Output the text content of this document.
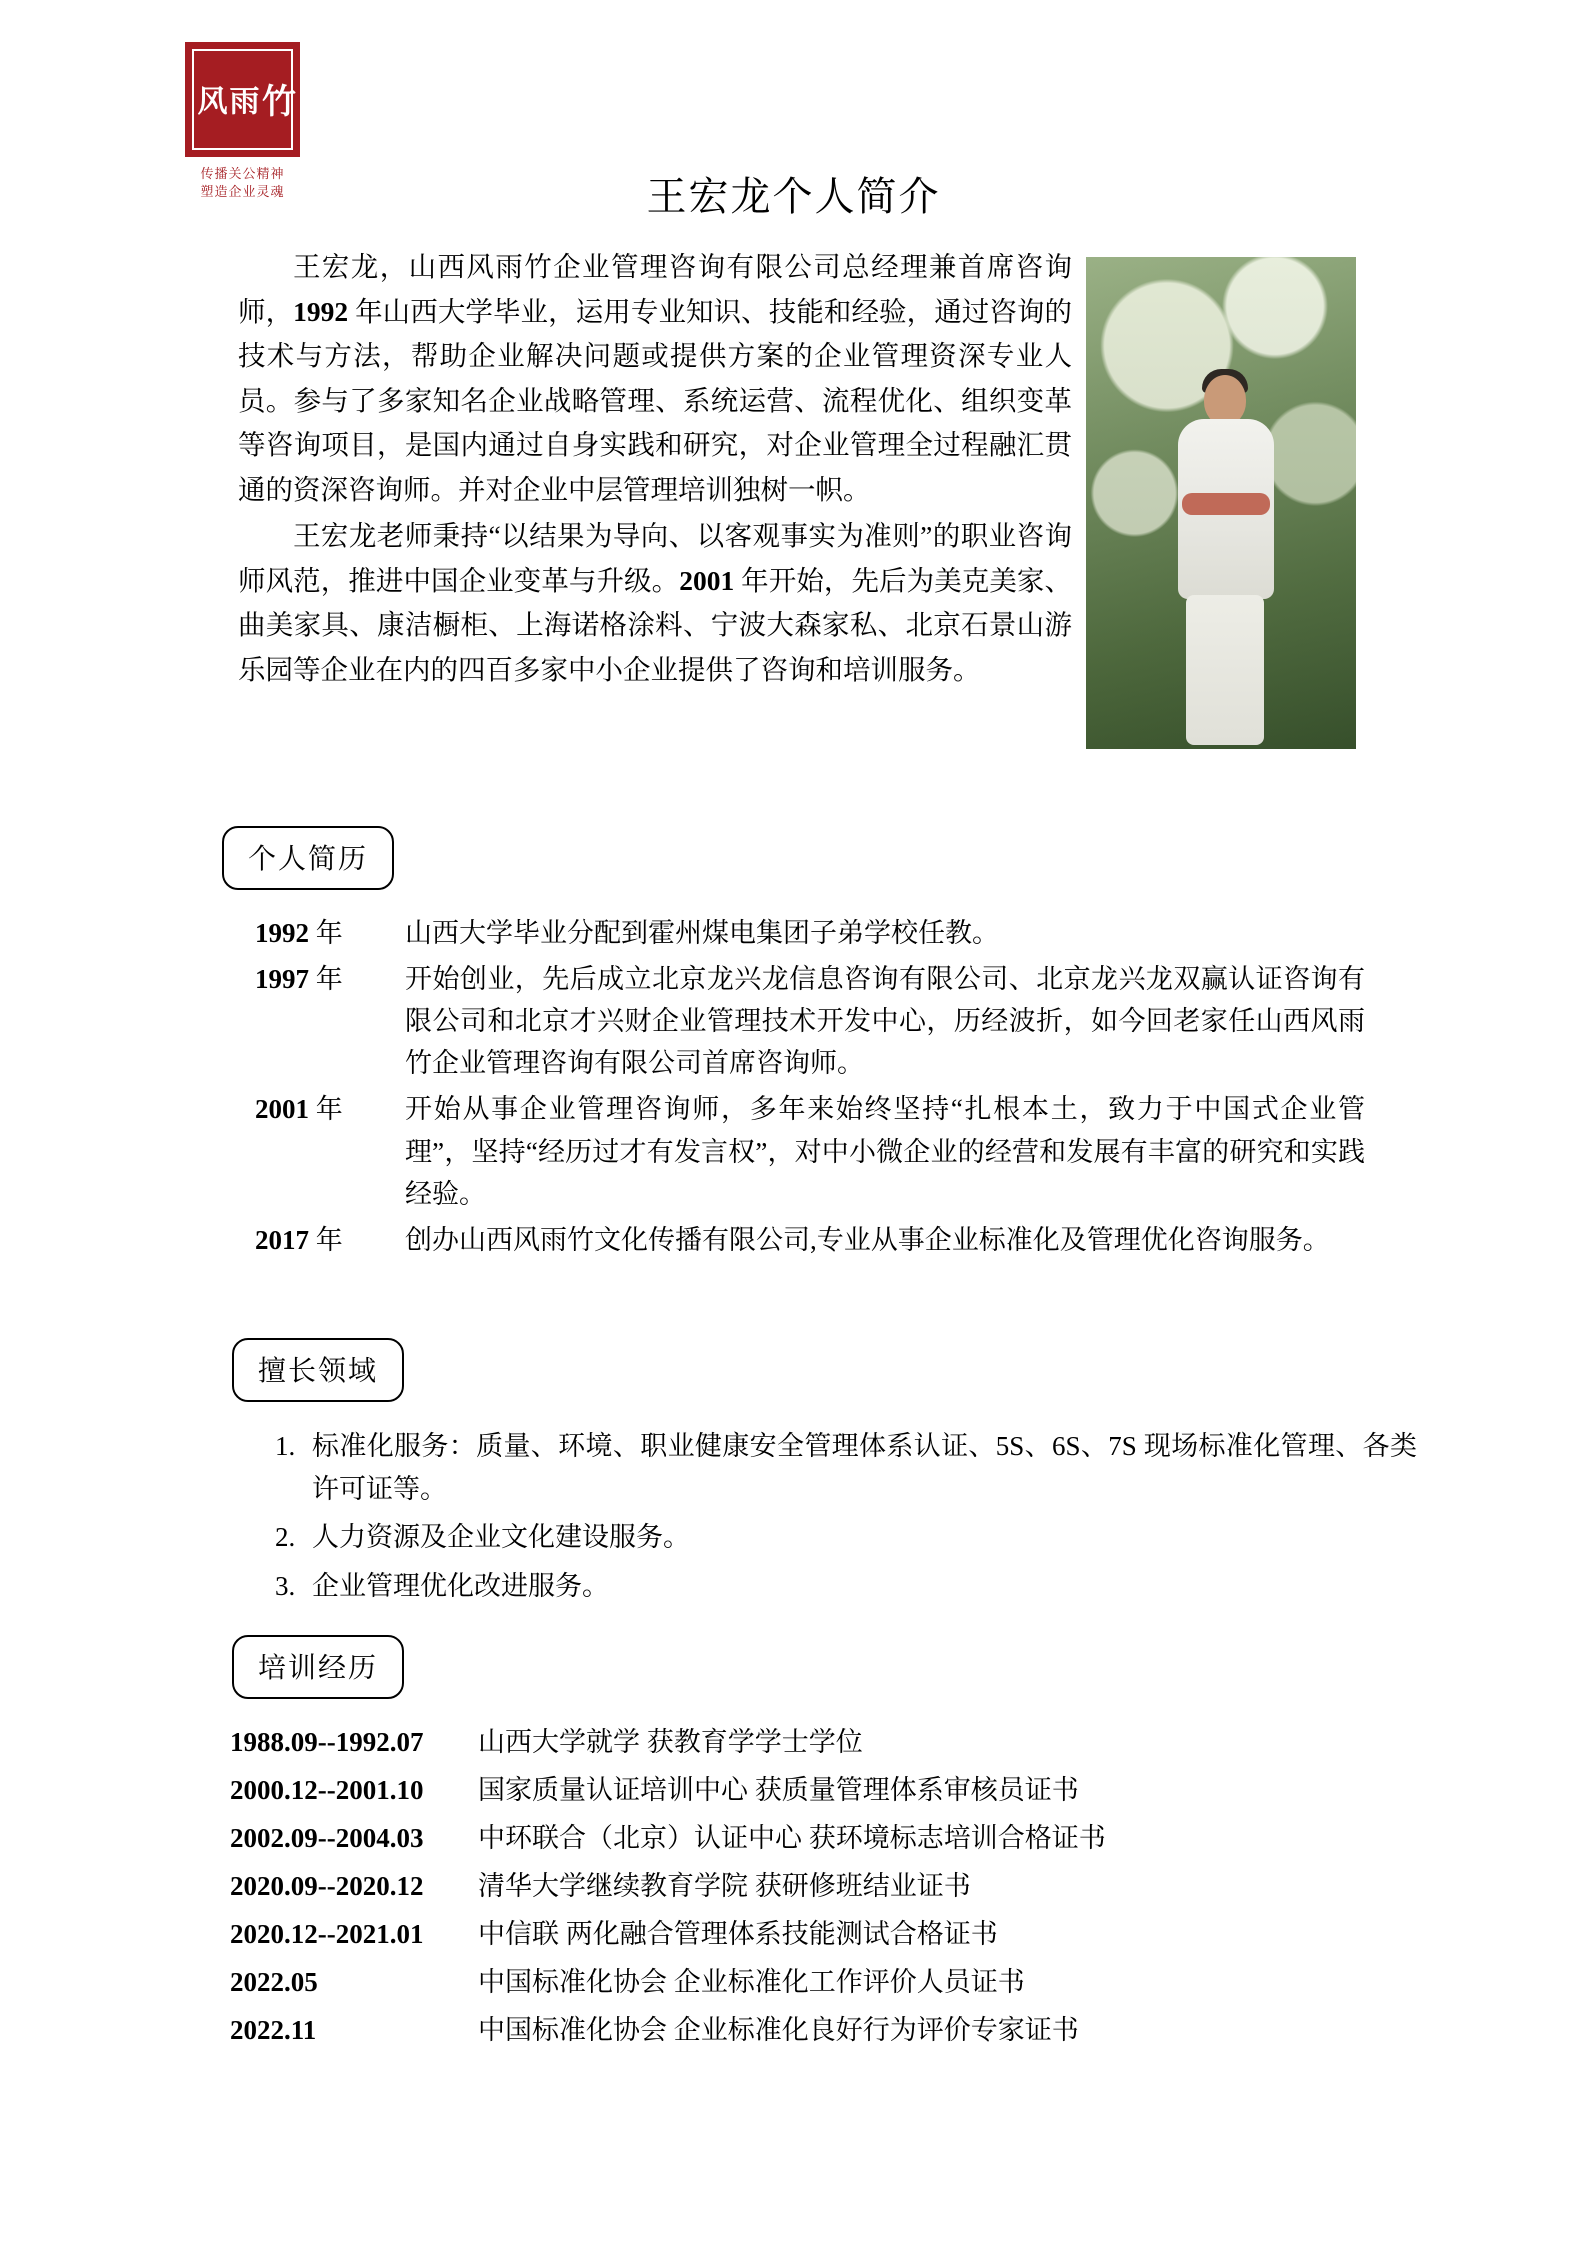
风 雨 竹
传播关公精神
塑造企业灵魂	王宏龙个人简介

王宏龙，山西风雨竹企业管理咨询有限公司总经理兼首席咨询师，1992 年山西大学毕业，运用专业知识、技能和经验，通过咨询的技术与方法，帮助企业解决问题或提供方案的企业管理资深专业人员。参与了多家知名企业战略管理、系统运营、流程优化、组织变革等咨询项目，是国内通过自身实践和研究，对企业管理全过程融汇贯通的资深咨询师。并对企业中层管理培训独树一帜。

王宏龙老师秉持“以结果为导向、以客观事实为准则”的职业咨询师风范，推进中国企业变革与升级。2001 年开始，先后为美克美家、曲美家具、康洁橱柜、上海诺格涂料、宁波大森家私、北京石景山游乐园等企业在内的四百多家中小企业提供了咨询和培训服务。

个人简历
1992 年	山西大学毕业分配到霍州煤电集团子弟学校任教。
1997 年	开始创业，先后成立北京龙兴龙信息咨询有限公司、北京龙兴龙双赢认证咨询有限公司和北京才兴财企业管理技术开发中心，历经波折，如今回老家任山西风雨竹企业管理咨询有限公司首席咨询师。
2001 年	开始从事企业管理咨询师，多年来始终坚持“扎根本土，致力于中国式企业管理”，坚持“经历过才有发言权”，对中小微企业的经营和发展有丰富的研究和实践经验。
2017 年	创办山西风雨竹文化传播有限公司,专业从事企业标准化及管理优化咨询服务。
擅长领域
1. 标准化服务：质量、环境、职业健康安全管理体系认证、5S、6S、7S 现场标准化管理、各类许可证等。
2. 人力资源及企业文化建设服务。
3. 企业管理优化改进服务。
培训经历
1988.09--1992.07	山西大学就学 获教育学学士学位
2000.12--2001.10	国家质量认证培训中心 获质量管理体系审核员证书
2002.09--2004.03	中环联合（北京）认证中心 获环境标志培训合格证书
2020.09--2020.12	清华大学继续教育学院 获研修班结业证书
2020.12--2021.01	中信联 两化融合管理体系技能测试合格证书
2022.05	中国标准化协会 企业标准化工作评价人员证书
2022.11	中国标准化协会 企业标准化良好行为评价专家证书
